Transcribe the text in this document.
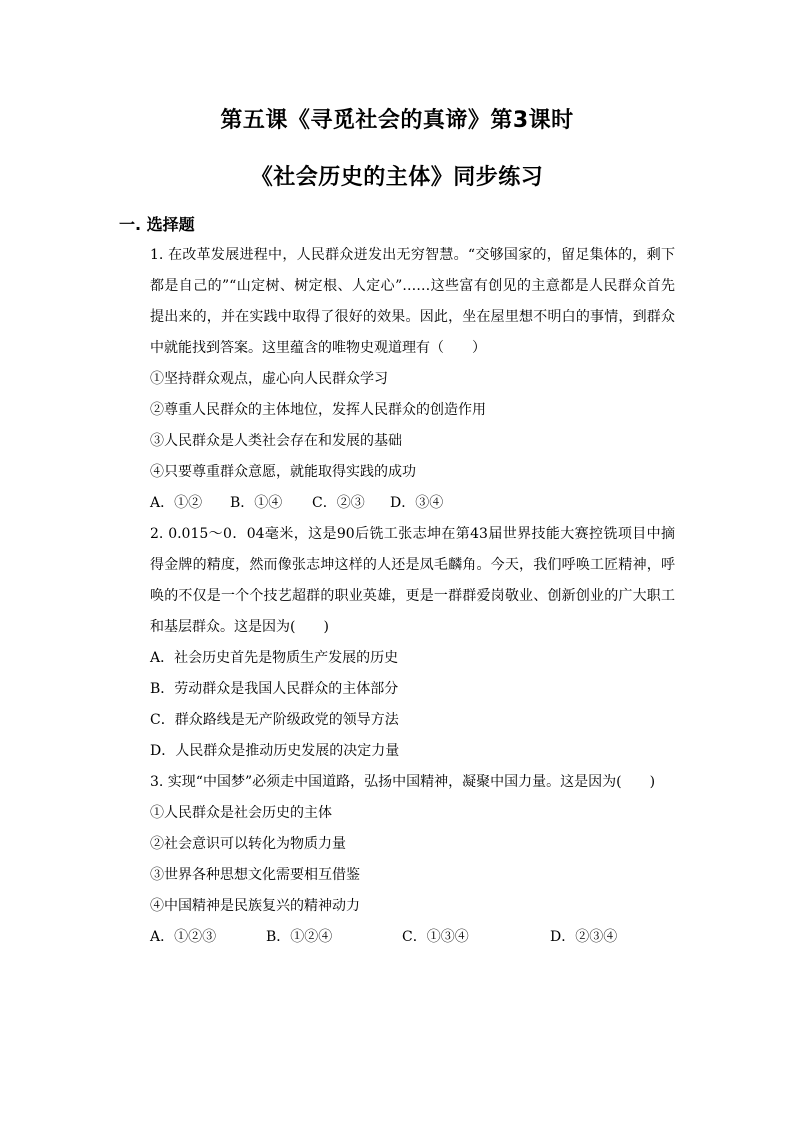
第五课《寻觅社会的真谛》第3课时
《社会历史的主体》同步练习
一. 选择题

1. 在改革发展进程中，人民群众迸发出无穷智慧。“交够国家的，留足集体的，剩下都是自己的”“山定树、树定根、人定心”……这些富有创见的主意都是人民群众首先提出来的，并在实践中取得了很好的效果。因此，坐在屋里想不明白的事情，到群众中就能找到答案。这里蕴含的唯物史观道理有（　　）

①坚持群众观点，虚心向人民群众学习

②尊重人民群众的主体地位，发挥人民群众的创造作用

③人民群众是人类社会存在和发展的基础

④只要尊重群众意愿，就能取得实践的成功

A．①② B．①④ C．②③ D．③④

2. 0.015～0．04毫米，这是90后铣工张志坤在第43届世界技能大赛控铣项目中摘得金牌的精度，然而像张志坤这样的人还是凤毛麟角。今天，我们呼唤工匠精神，呼唤的不仅是一个个技艺超群的职业英雄，更是一群群爱岗敬业、创新创业的广大职工和基层群众。这是因为(　　)

A．社会历史首先是物质生产发展的历史

B．劳动群众是我国人民群众的主体部分

C．群众路线是无产阶级政党的领导方法

D．人民群众是推动历史发展的决定力量

3. 实现“中国梦”必须走中国道路，弘扬中国精神，凝聚中国力量。这是因为(　　)

①人民群众是社会历史的主体

②社会意识可以转化为物质力量

③世界各种思想文化需要相互借鉴

④中国精神是民族复兴的精神动力

A．①②③	B．①②④	C．①③④	D．②③④
